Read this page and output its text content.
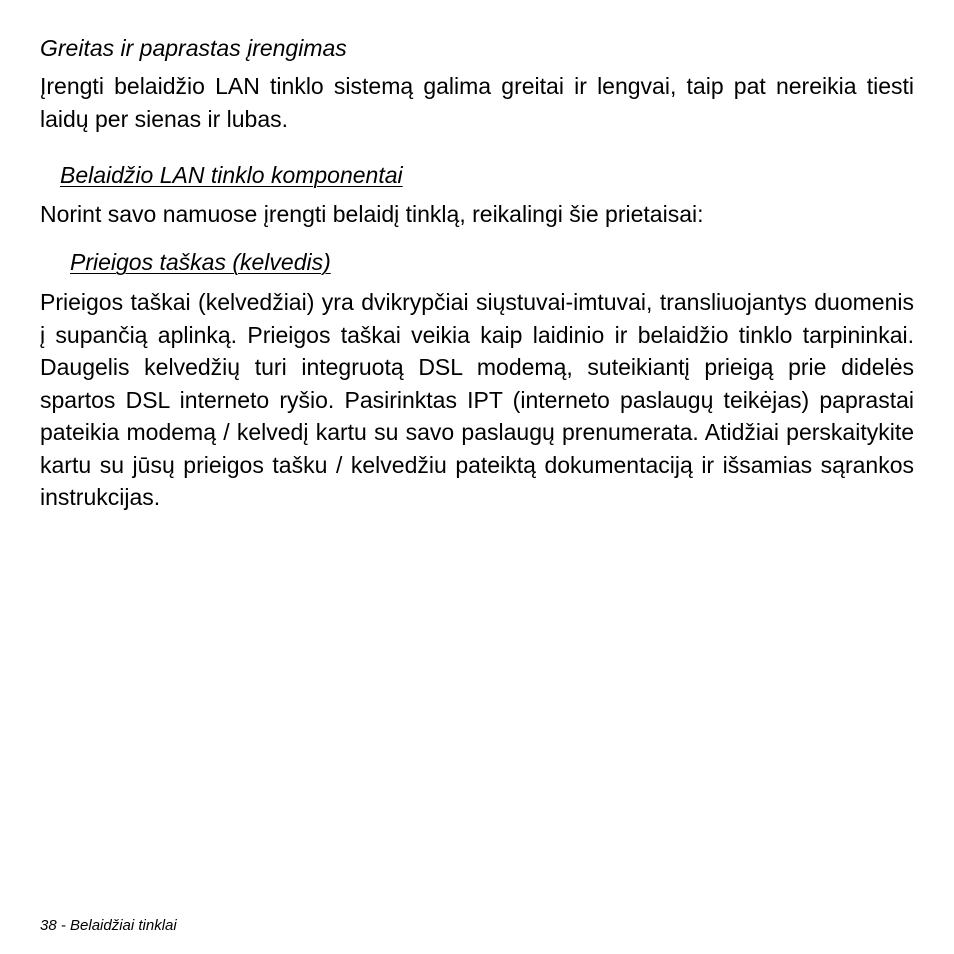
Greitas ir paprastas įrengimas

Įrengti belaidžio LAN tinklo sistemą galima greitai ir lengvai, taip pat nereikia tiesti laidų per sienas ir lubas.

Belaidžio LAN tinklo komponentai

Norint savo namuose įrengti belaidį tinklą, reikalingi šie prietaisai:

Prieigos taškas (kelvedis)

Prieigos taškai (kelvedžiai) yra dvikrypčiai siųstuvai-imtuvai, transliuojantys duomenis į supančią aplinką. Prieigos taškai veikia kaip laidinio ir belaidžio tinklo tarpininkai. Daugelis kelvedžių turi integruotą DSL modemą, suteikiantį prieigą prie didelės spartos DSL interneto ryšio. Pasirinktas IPT (interneto paslaugų teikėjas) paprastai pateikia modemą / kelvedį kartu su savo paslaugų prenumerata. Atidžiai perskaitykite kartu su jūsų prieigos tašku / kelvedžiu pateiktą dokumentaciją ir išsamias sąrankos instrukcijas.

38 - Belaidžiai tinklai
